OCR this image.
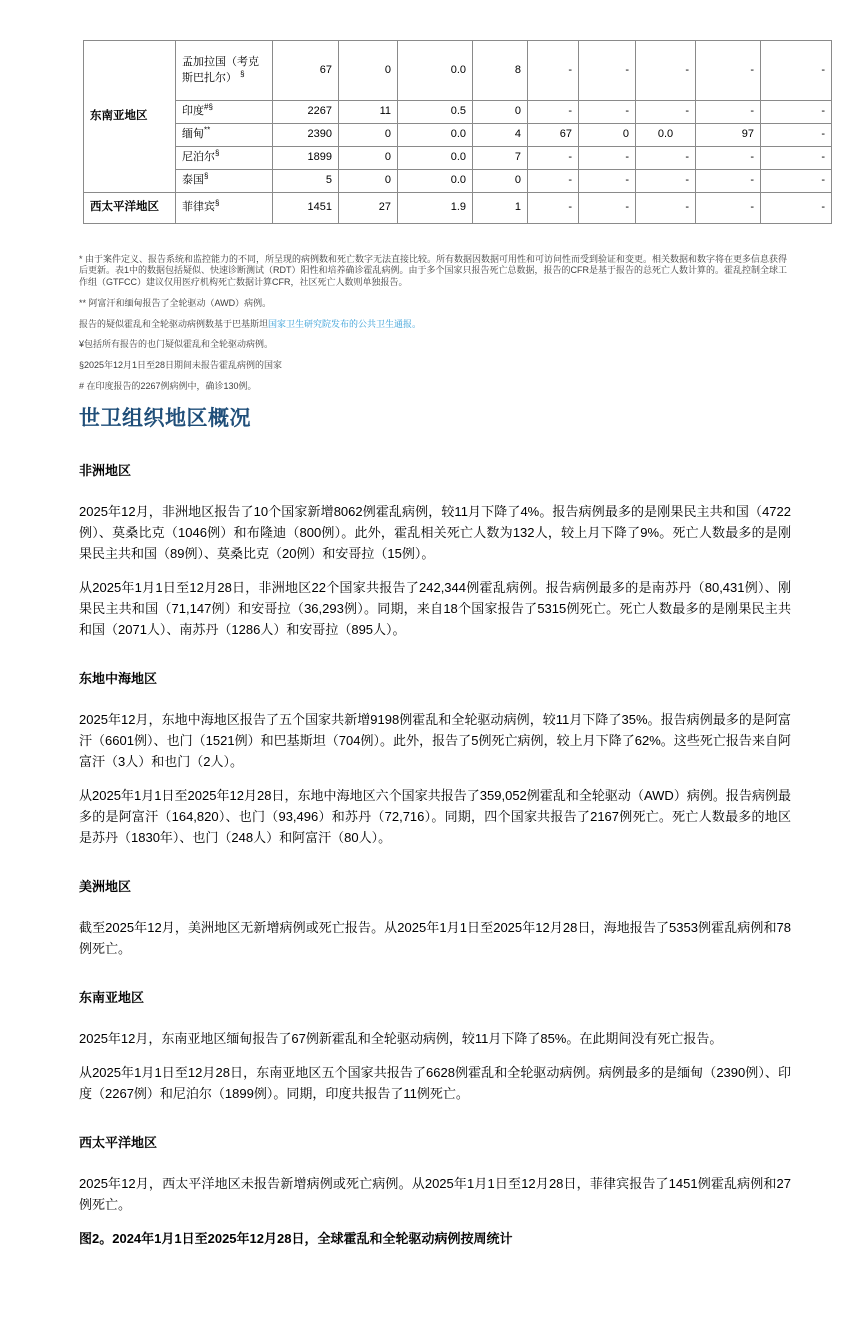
东南亚地区	孟加拉国（考克斯巴扎尔） §	67	0	0.0	8	-	-	-	-	-
	印度#§	2267	11	0.5	0	-	-	-	-	-
	缅甸**	2390	0	0.0	4	67	0	0.0	97	-
	尼泊尔§	1899	0	0.0	7	-	-	-	-	-
	泰国§	5	0	0.0	0	-	-	-	-	-
西太平洋地区	菲律宾§	1451	27	1.9	1	-	-	-	-	-

* 由于案件定义、报告系统和监控能力的不同，所呈现的病例数和死亡数字无法直接比较。所有数据因数据可用性和可访问性而受到验证和变更。相关数据和数字将在更多信息获得后更新。表1中的数据包括疑似、快速诊断测试（RDT）阳性和培养确诊霍乱病例。由于多个国家只报告死亡总数据，报告的CFR是基于报告的总死亡人数计算的。霍乱控制全球工作组（GTFCC）建议仅用医疗机构死亡数据计算CFR，社区死亡人数则单独报告。

** 阿富汗和缅甸报告了全轮驱动（AWD）病例。

报告的疑似霍乱和全轮驱动病例数基于巴基斯坦国家卫生研究院发布的公共卫生通报。

¥包括所有报告的也门疑似霍乱和全轮驱动病例。

§2025年12月1日至28日期间未报告霍乱病例的国家

# 在印度报告的2267例病例中，确诊130例。

世卫组织地区概况
非洲地区

2025年12月，非洲地区报告了10个国家新增8062例霍乱病例，较11月下降了4%。报告病例最多的是刚果民主共和国（4722例）、莫桑比克（1046例）和布隆迪（800例）。此外，霍乱相关死亡人数为132人，较上月下降了9%。死亡人数最多的是刚果民主共和国（89例）、莫桑比克（20例）和安哥拉（15例）。

从2025年1月1日至12月28日，非洲地区22个国家共报告了242,344例霍乱病例。报告病例最多的是南苏丹（80,431例）、刚果民主共和国（71,147例）和安哥拉（36,293例）。同期，来自18个国家报告了5315例死亡。死亡人数最多的是刚果民主共和国（2071人）、南苏丹（1286人）和安哥拉（895人）。

东地中海地区

2025年12月，东地中海地区报告了五个国家共新增9198例霍乱和全轮驱动病例，较11月下降了35%。报告病例最多的是阿富汗（6601例）、也门（1521例）和巴基斯坦（704例）。此外，报告了5例死亡病例，较上月下降了62%。这些死亡报告来自阿富汗（3人）和也门（2人）。

从2025年1月1日至2025年12月28日，东地中海地区六个国家共报告了359,052例霍乱和全轮驱动（AWD）病例。报告病例最多的是阿富汗（164,820）、也门（93,496）和苏丹（72,716）。同期，四个国家共报告了2167例死亡。死亡人数最多的地区是苏丹（1830年）、也门（248人）和阿富汗（80人）。

美洲地区

截至2025年12月，美洲地区无新增病例或死亡报告。从2025年1月1日至2025年12月28日，海地报告了5353例霍乱病例和78例死亡。

东南亚地区

2025年12月，东南亚地区缅甸报告了67例新霍乱和全轮驱动病例，较11月下降了85%。在此期间没有死亡报告。

从2025年1月1日至12月28日，东南亚地区五个国家共报告了6628例霍乱和全轮驱动病例。病例最多的是缅甸（2390例）、印度（2267例）和尼泊尔（1899例）。同期，印度共报告了11例死亡。

西太平洋地区

2025年12月，西太平洋地区未报告新增病例或死亡病例。从2025年1月1日至12月28日，菲律宾报告了1451例霍乱病例和27例死亡。

图2。2024年1月1日至2025年12月28日，全球霍乱和全轮驱动病例按周统计
